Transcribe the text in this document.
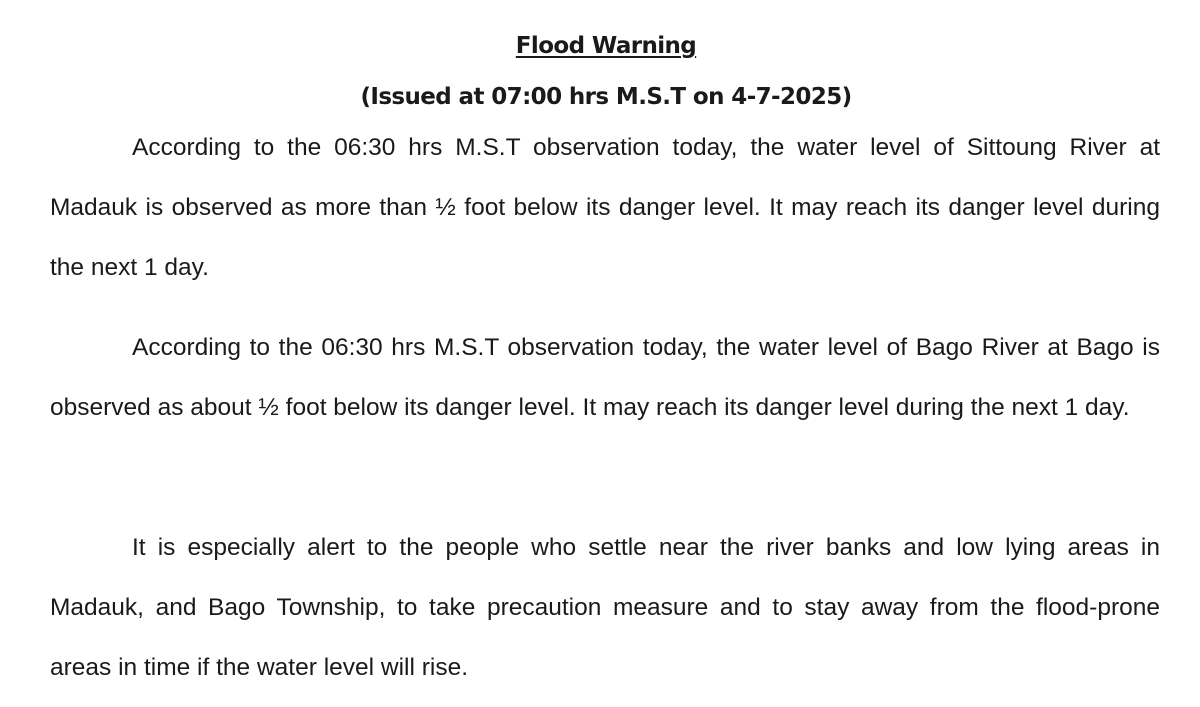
Flood Warning
(Issued at 07:00 hrs M.S.T on 4-7-2025)

According to the 06:30 hrs M.S.T observation today, the water level of Sittoung River at Madauk is observed as more than ½ foot below its danger level. It may reach its danger level during the next 1 day.

According to the 06:30 hrs M.S.T observation today, the water level of Bago River at Bago is observed as about ½ foot below its danger level. It may reach its danger level during the next 1 day.

It is especially alert to the people who settle near the river banks and low lying areas in Madauk, and Bago Township, to take precaution measure and to stay away from the flood-prone areas in time if the water level will rise.
